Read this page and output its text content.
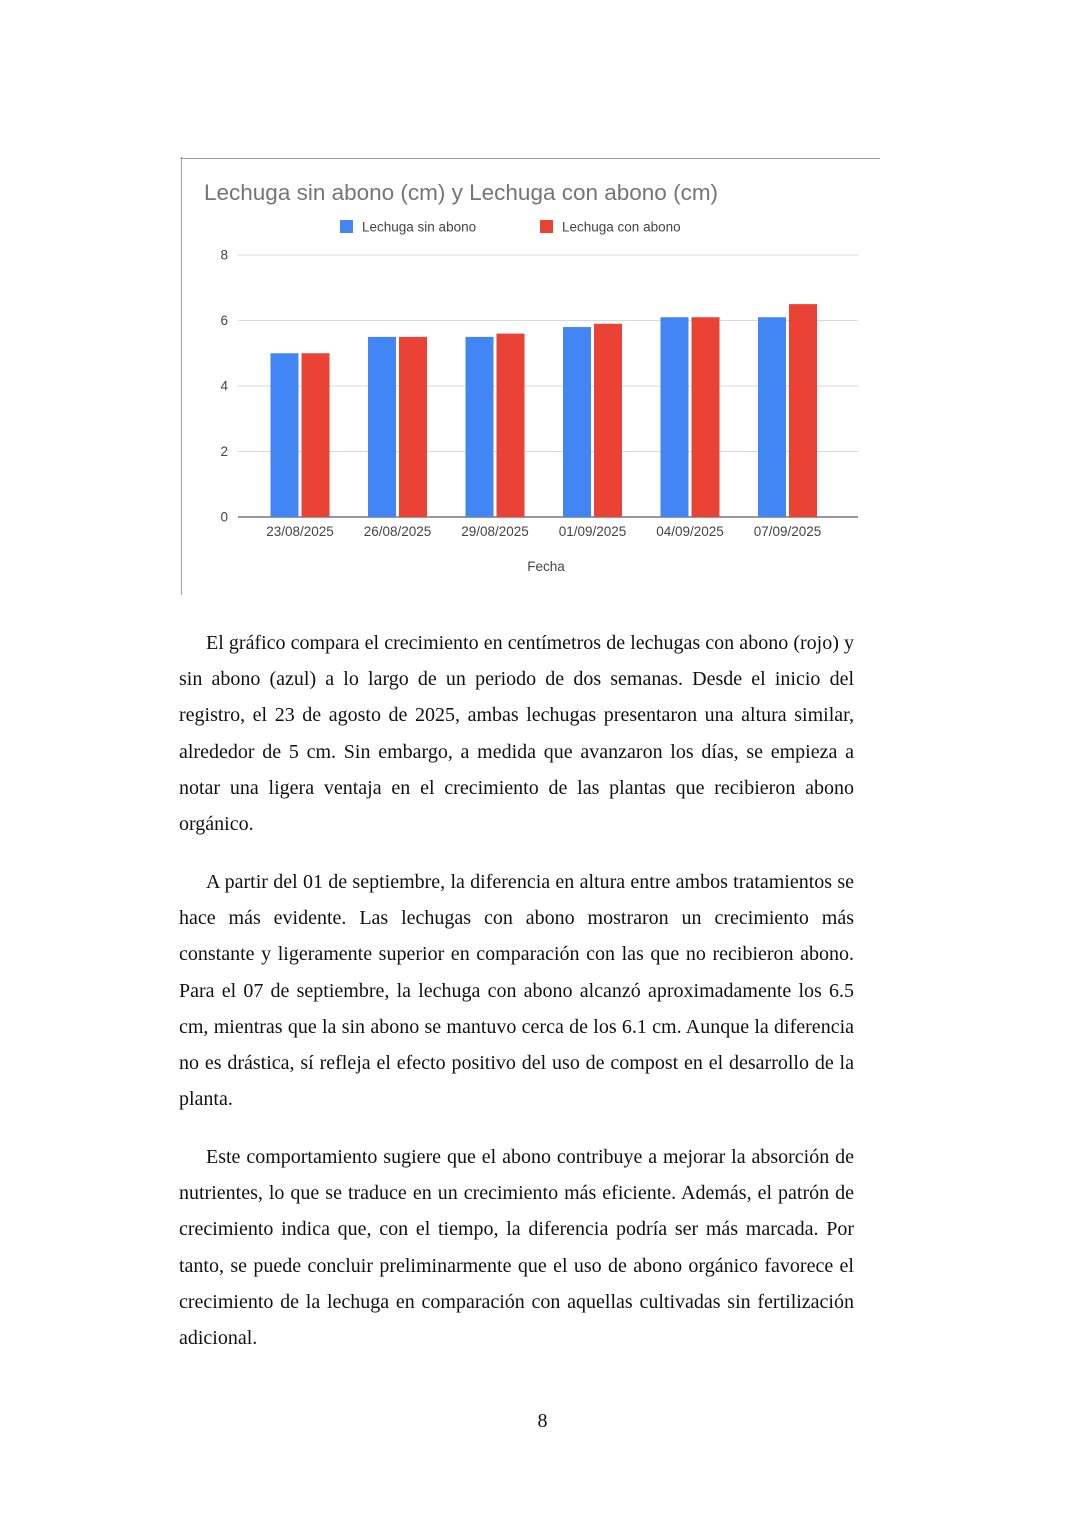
Lechuga sin abono (cm) y Lechuga con abono (cm)
Lechuga sin abono	Lechuga con abono
0
2
4
6
8
23/08/2025 26/08/2025 29/08/2025 01/09/2025 04/09/2025 07/09/2025
Fecha

El gráfico compara el crecimiento en centímetros de lechugas con abono (rojo) y sin abono (azul) a lo largo de un periodo de dos semanas. Desde el inicio del registro, el 23 de agosto de 2025, ambas lechugas presentaron una altura similar, alrededor de 5 cm. Sin embargo, a medida que avanzaron los días, se empieza a notar una ligera ventaja en el crecimiento de las plantas que recibieron abono orgánico.

A partir del 01 de septiembre, la diferencia en altura entre ambos tratamientos se hace más evidente. Las lechugas con abono mostraron un crecimiento más constante y ligeramente superior en comparación con las que no recibieron abono. Para el 07 de septiembre, la lechuga con abono alcanzó aproximadamente los 6.5 cm, mientras que la sin abono se mantuvo cerca de los 6.1 cm. Aunque la diferencia no es drástica, sí refleja el efecto positivo del uso de compost en el desarrollo de la planta.

Este comportamiento sugiere que el abono contribuye a mejorar la absorción de nutrientes, lo que se traduce en un crecimiento más eficiente. Además, el patrón de crecimiento indica que, con el tiempo, la diferencia podría ser más marcada. Por tanto, se puede concluir preliminarmente que el uso de abono orgánico favorece el crecimiento de la lechuga en comparación con aquellas cultivadas sin fertilización adicional.

8
